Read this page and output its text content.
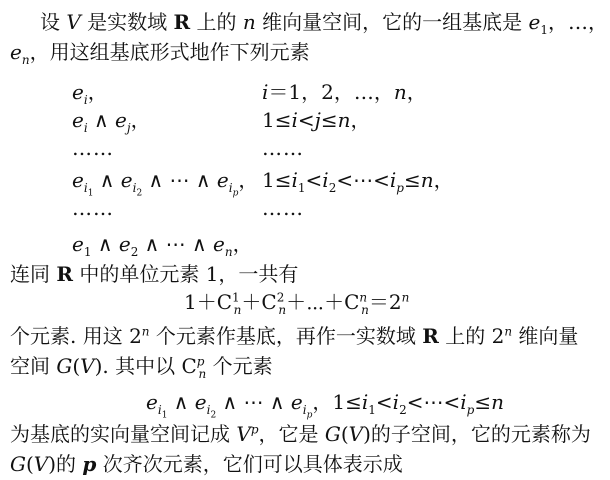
设 V 是实数域 R 上的 n 维向量空间，它的一组基底是 $e_1$，…，
$e_n$，用这组基底形式地作下列元素
$e_i$，	i＝1，2，…，n，
$e_i$ ∧ $e_j$，	1≤i<j≤n，
……	……
$e_{i_1}$ ∧ $e_{i_2}$ ∧ ⋯ ∧ $e_{i_p}$， $1\le i_1<i_2<\cdots<i_p\le n$，
……	……
$e_1$ ∧ $e_2$ ∧ ⋯ ∧ $e_n$，
连同 R 中的单位元素 1，一共有
$1+C^1_n+C^2_n+\cdots+C^n_n=2^n$
个元素. 用这 2$^n$ 个元素作基底，再作一实数域 R 上的 2$^n$ 维向量
空间 G(V). 其中以 $C^p_n$ 个元素
$e_{i_1}$ ∧ $e_{i_2}$ ∧ ⋯ ∧ $e_{i_p}$，$1\le i_1<i_2<\cdots<i_p\le n$
为基底的实向量空间记成 $V^p$，它是 G(V)的子空间，它的元素称为
G(V)的 p 次齐次元素，它们可以具体表示成
